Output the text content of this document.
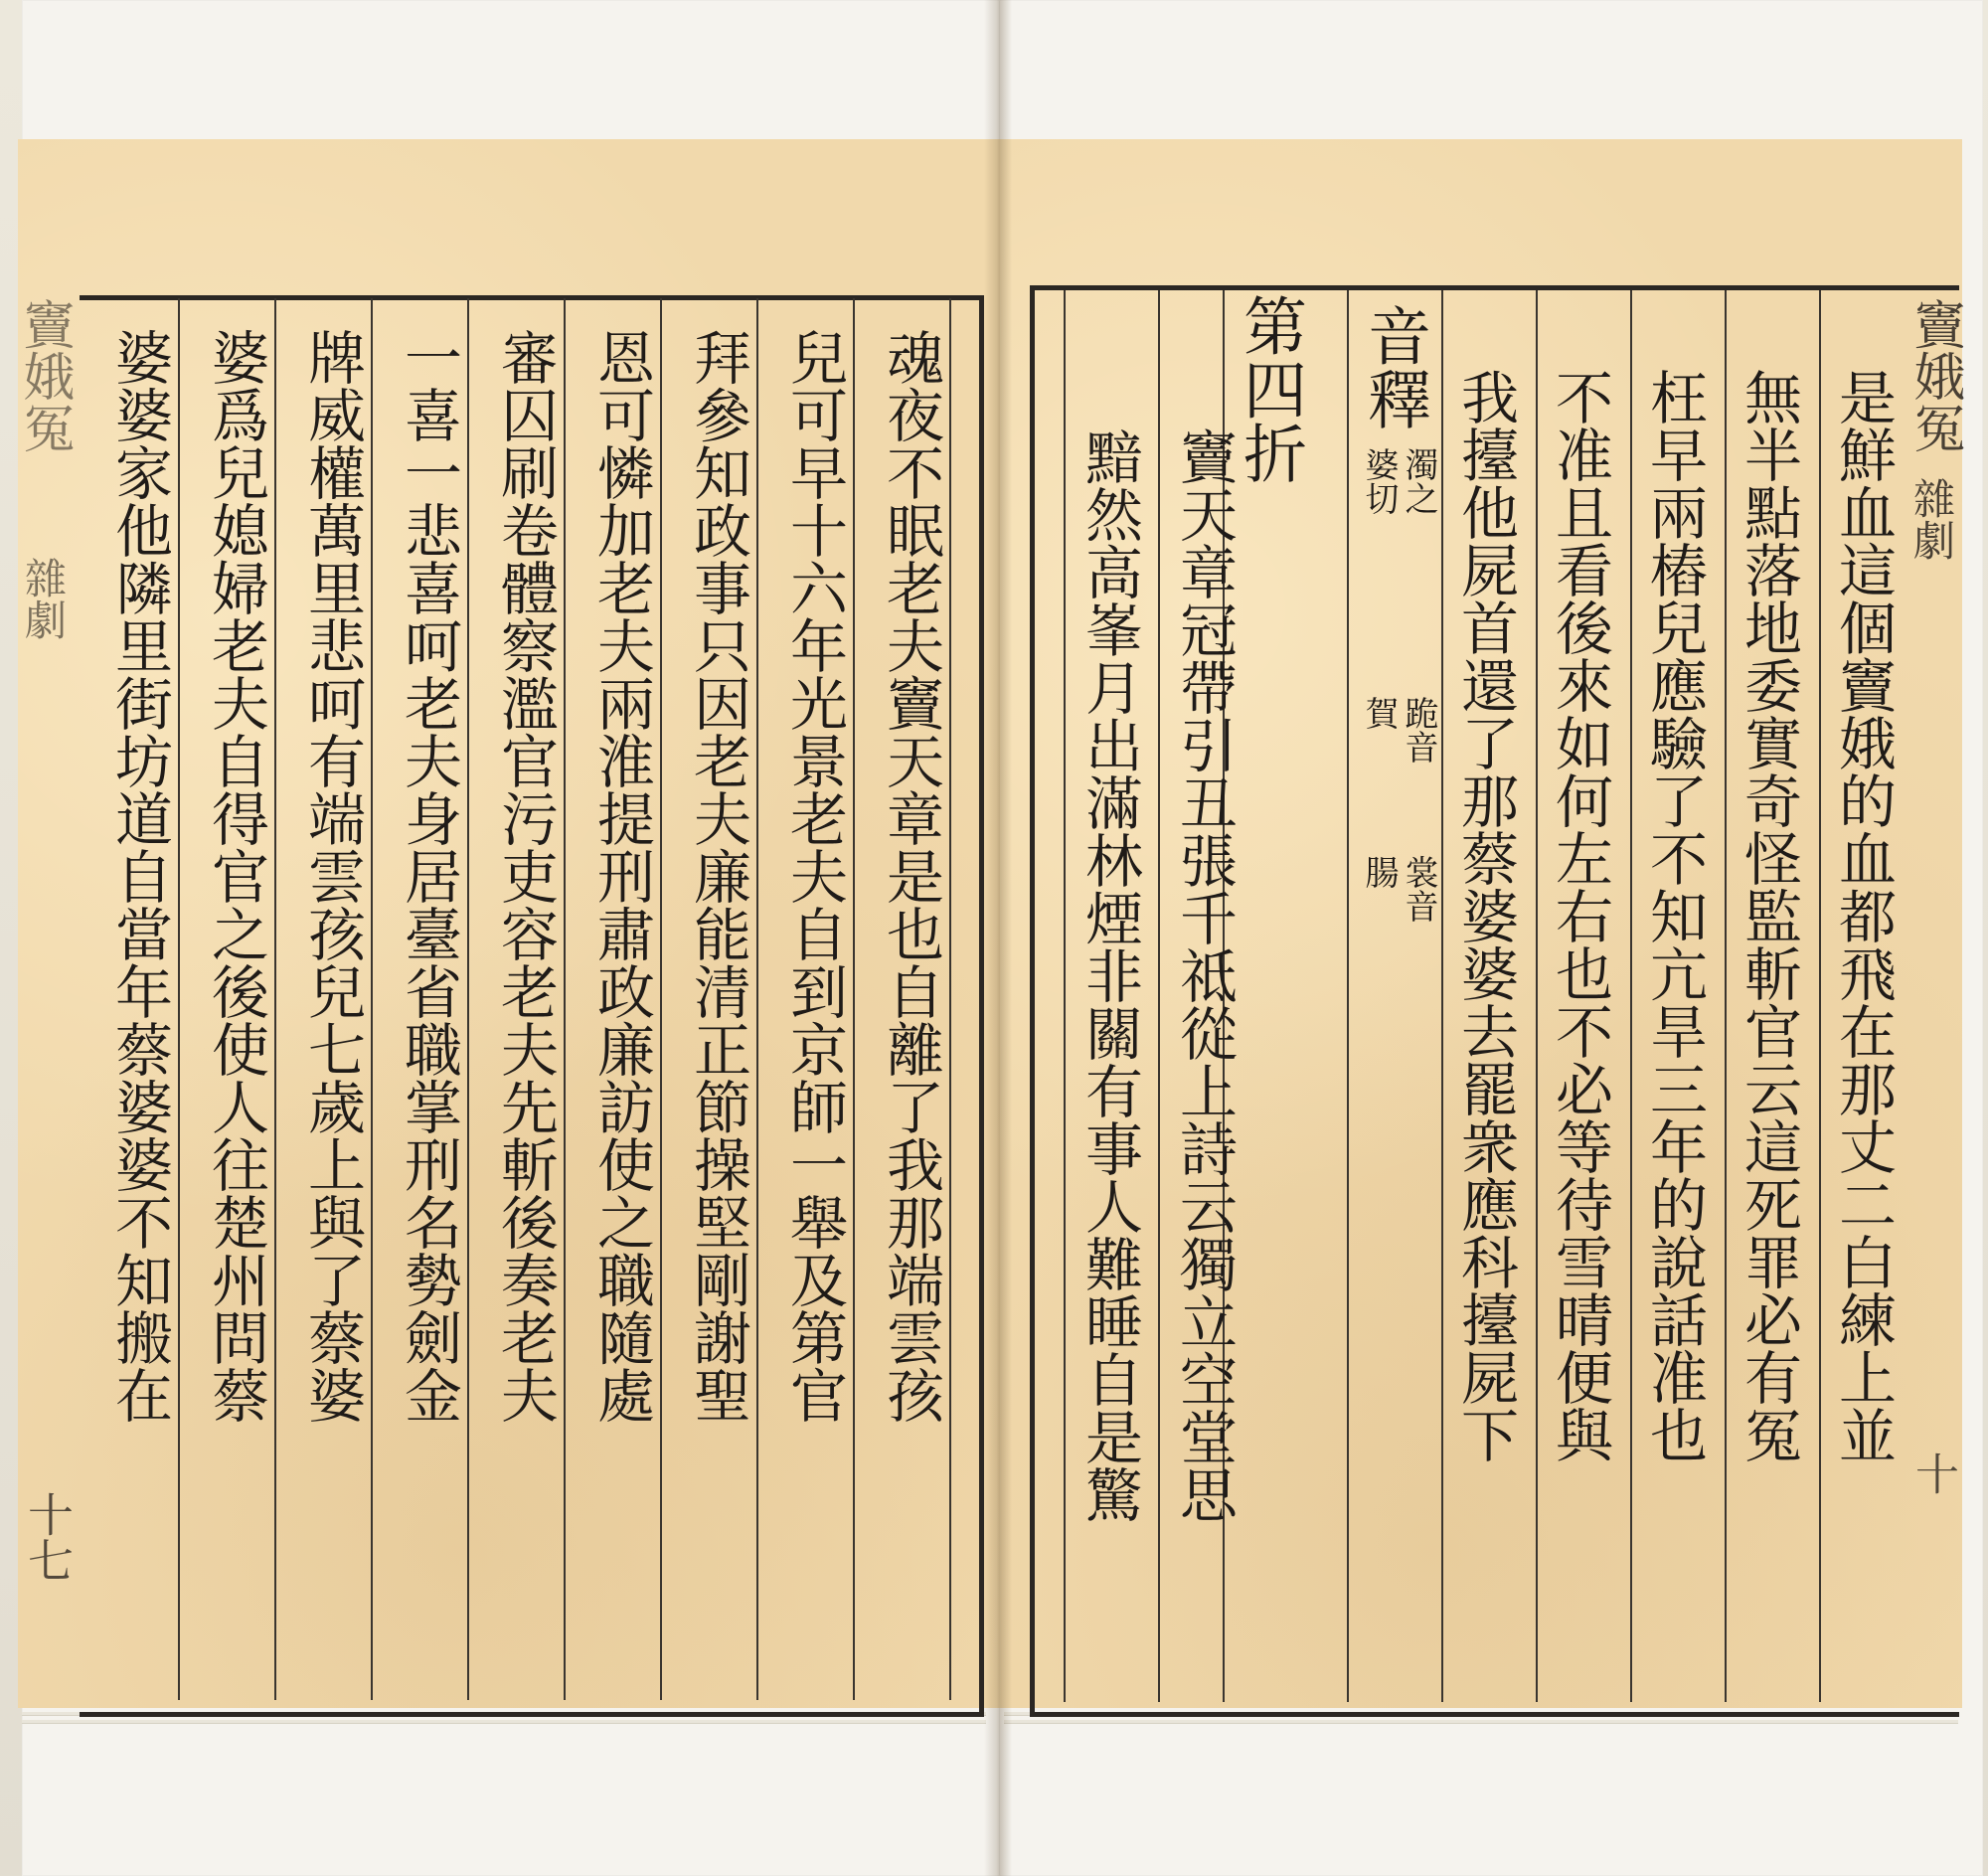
竇娥冤
雜劇
十七
魂夜不眠老夫竇天章是也自離了我那端雲孩
兒可早十六年光景老夫自到京師一舉及第官
拜參知政事只因老夫廉能清正節操堅剛謝聖
恩可憐加老夫兩淮提刑肅政廉訪使之職隨處
審囚刷卷體察濫官污吏容老夫先斬後奏老夫
一喜一悲喜呵老夫身居臺省職掌刑名勢劍金
牌威權萬里悲呵有端雲孩兒七歲上與了蔡婆
婆爲兒媳婦老夫自得官之後使人往楚州問蔡
婆婆家他隣里街坊道自當年蔡婆婆不知搬在	竇娥冤
雜劇
十
是鮮血這個竇娥的血都飛在那丈二白練上並
無半點落地委實奇怪監斬官云這死罪必有冤
枉早兩樁兒應驗了不知亢旱三年的說話准也
不准且看後來如何左右也不必等待雪晴便與
我擡他屍首還了那蔡婆婆去罷衆應科擡屍下
音釋
濁之
婆切
跪音
賀
裳音
腸
第四折
竇天章冠帶引丑張千祗從上詩云獨立空堂思
黯然高峯月出滿林煙非關有事人難睡自是驚
